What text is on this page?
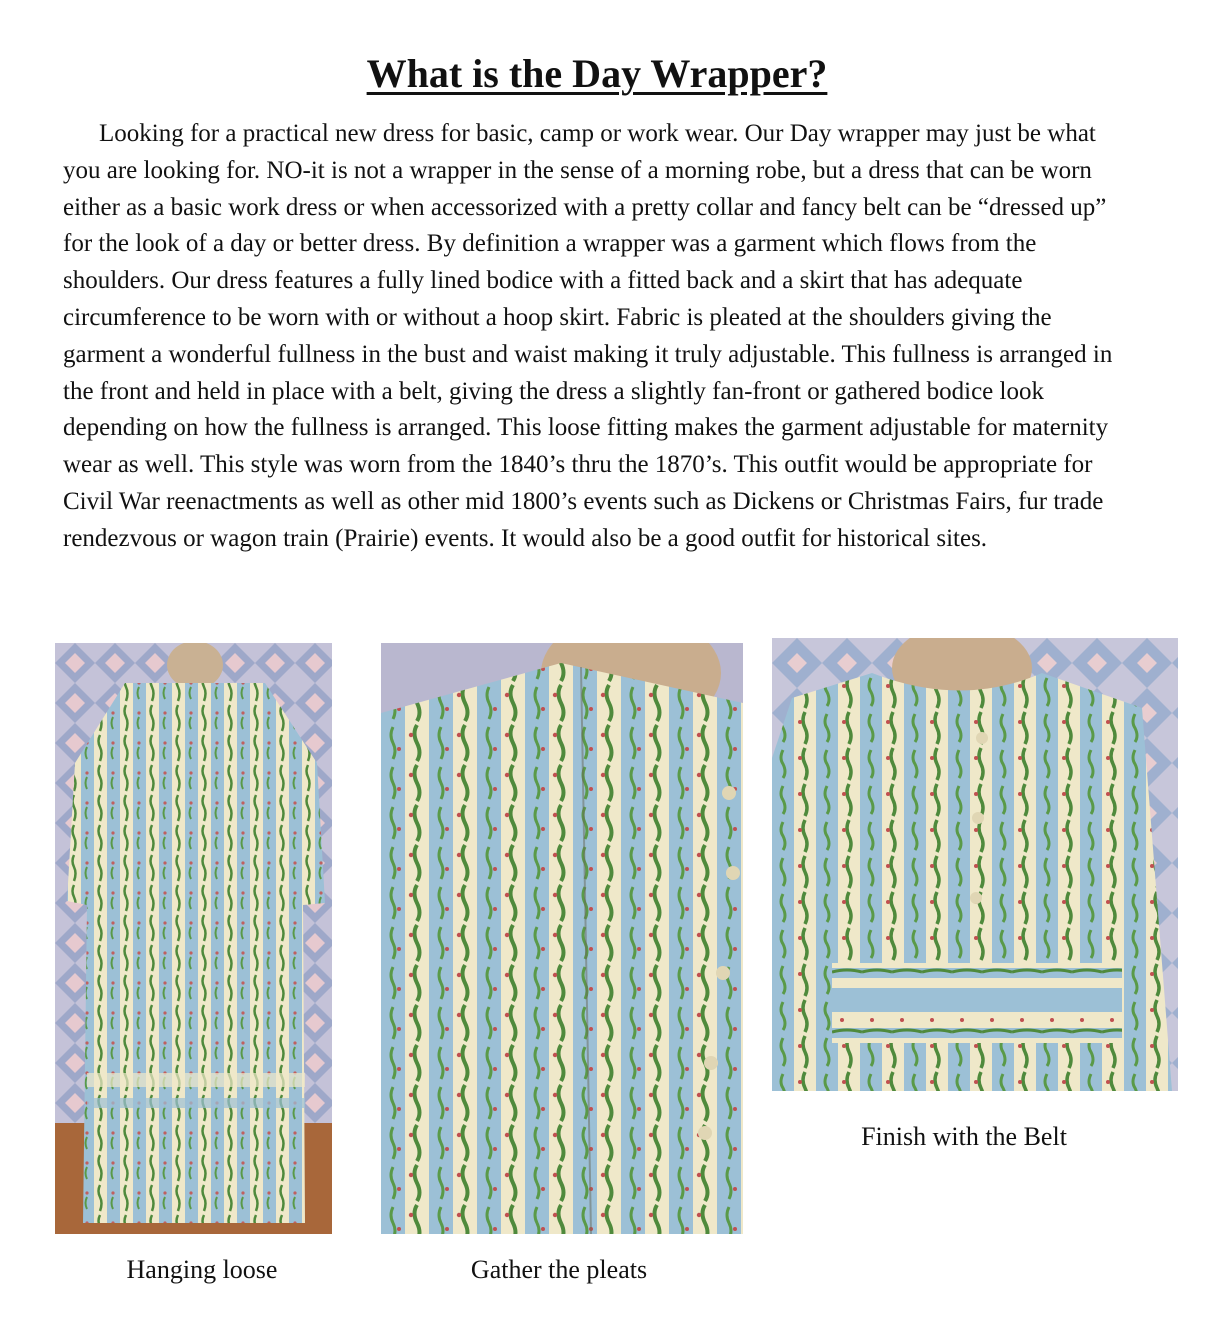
What is the Day Wrapper?

Looking for a practical new dress for basic, camp or work wear. Our Day wrapper may just be what you are looking for. NO-it is not a wrapper in the sense of a morning robe, but a dress that can be worn either as a basic work dress or when accessorized with a pretty collar and fancy belt can be “dressed up” for the look of a day or better dress. By definition a wrapper was a garment which flows from the shoulders. Our dress features a fully lined bodice with a fitted back and a skirt that has adequate circumference to be worn with or without a hoop skirt. Fabric is pleated at the shoulders giving the garment a wonderful fullness in the bust and waist making it truly adjustable. This fullness is arranged in the front and held in place with a belt, giving the dress a slightly fan-front or gathered bodice look depending on how the fullness is arranged. This loose fitting makes the garment adjustable for maternity wear as well. This style was worn from the 1840’s thru the 1870’s. This outfit would be appropriate for Civil War reenactments as well as other mid 1800’s events such as Dickens or Christmas Fairs, fur trade rendezvous or wagon train (Prairie) events. It would also be a good outfit for historical sites.

Hanging loose	Gather the pleats
Finish with the Belt
